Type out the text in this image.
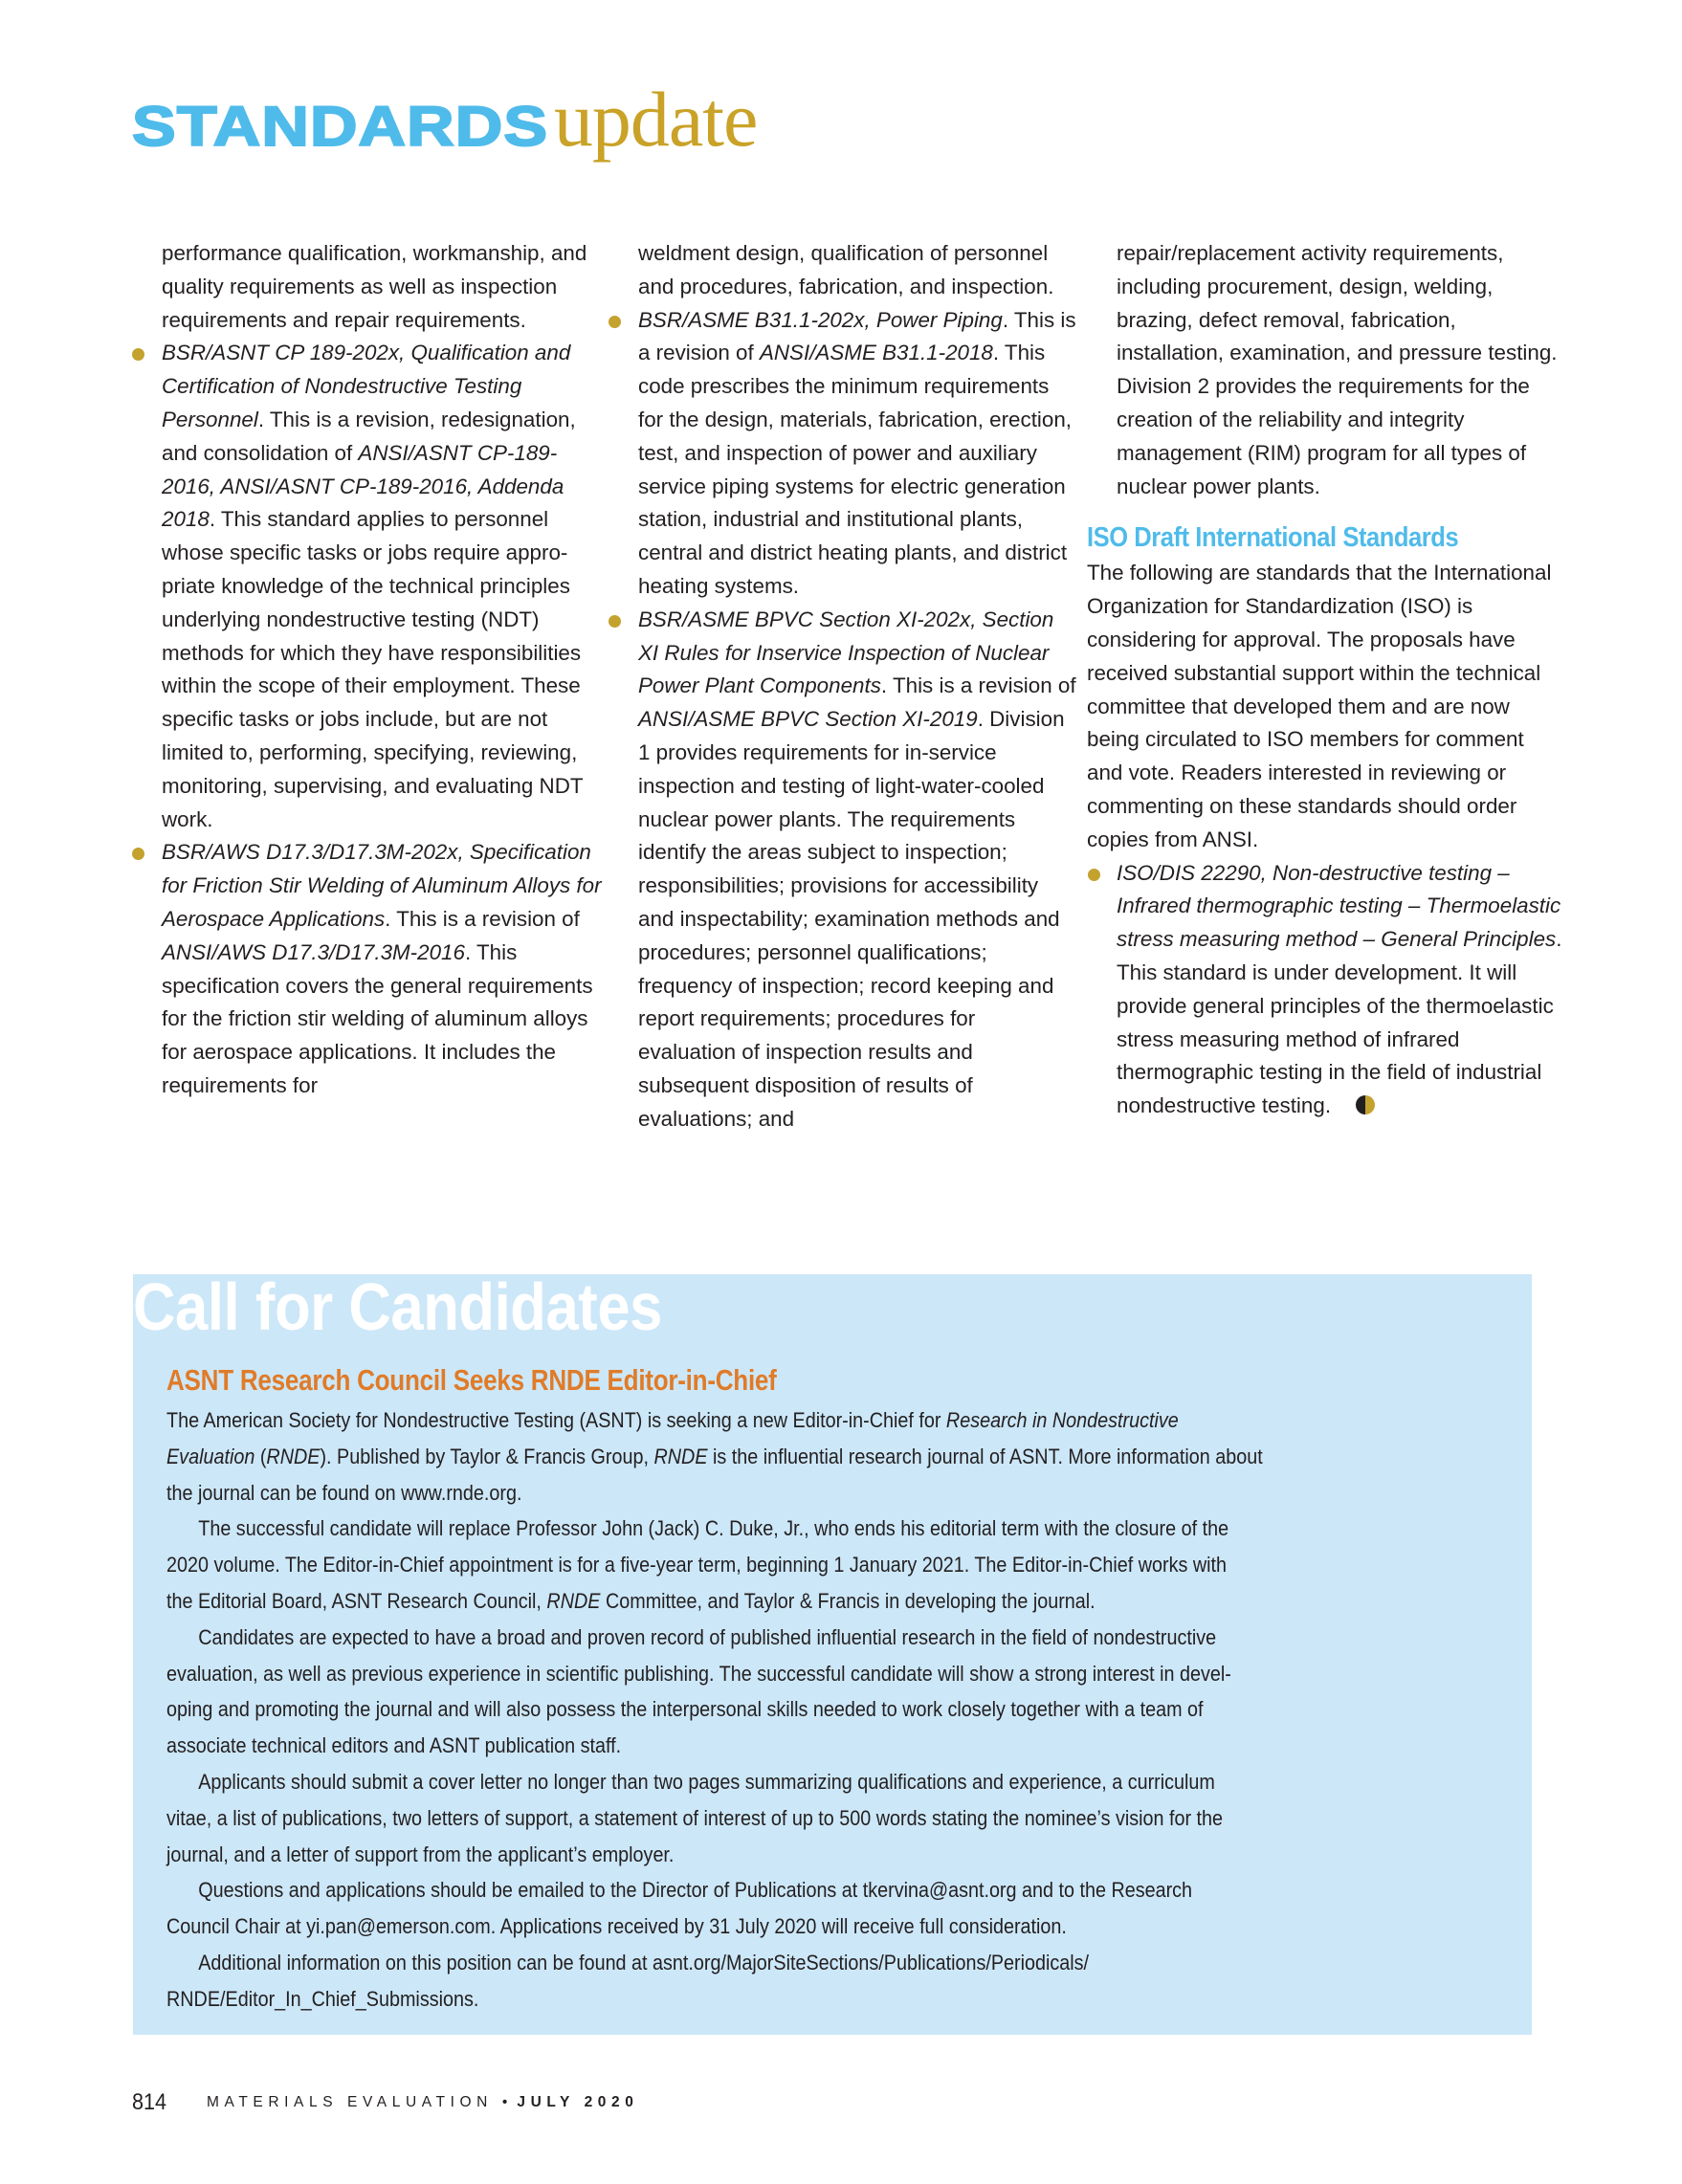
STANDARDSupdate

performance qualification, workmanship, and quality requirements as well as inspection requirements and repair requirements.

BSR/ASNT CP 189-202x, Qualification and Certification of Nondestructive Testing Personnel. This is a revision, redesignation, and consolidation of ANSI/ASNT CP-189-2016, ANSI/ASNT CP-189-2016, Addenda 2018. This standard applies to personnel whose specific tasks or jobs require appropriate knowledge of the technical principles underlying nondestructive testing (NDT) methods for which they have responsibilities within the scope of their employment. These specific tasks or jobs include, but are not limited to, performing, specifying, reviewing, monitoring, supervising, and evaluating NDT work.

BSR/AWS D17.3/D17.3M-202x, Specification for Friction Stir Welding of Aluminum Alloys for Aerospace Applications. This is a revision of ANSI/AWS D17.3/D17.3M-2016. This specification covers the general requirements for the friction stir welding of aluminum alloys for aerospace applications. It includes the requirements for

weldment design, qualification of personnel and procedures, fabrication, and inspection.

BSR/ASME B31.1-202x, Power Piping. This is a revision of ANSI/ASME B31.1-2018. This code prescribes the minimum requirements for the design, materials, fabrication, erection, test, and inspection of power and auxiliary service piping systems for electric generation station, industrial and institutional plants, central and district heating plants, and district heating systems.

BSR/ASME BPVC Section XI-202x, Section XI Rules for Inservice Inspection of Nuclear Power Plant Components. This is a revision of ANSI/ASME BPVC Section XI-2019. Division 1 provides requirements for in-service inspection and testing of light-water-cooled nuclear power plants. The requirements identify the areas subject to inspection; responsibilities; provisions for accessibility and inspectability; examination methods and procedures; personnel qualifications; frequency of inspection; record keeping and report requirements; procedures for evaluation of inspection results and subsequent disposition of results of evaluations; and

repair/replacement activity requirements, including procurement, design, welding, brazing, defect removal, fabrication, installation, examination, and pressure testing. Division 2 provides the requirements for the creation of the reliability and integrity management (RIM) program for all types of nuclear power plants.

ISO Draft International Standards

The following are standards that the International Organization for Standardization (ISO) is considering for approval. The proposals have received substantial support within the technical committee that developed them and are now being circulated to ISO members for comment and vote. Readers interested in reviewing or commenting on these standards should order copies from ANSI.

ISO/DIS 22290, Non-destructive testing – Infrared thermographic testing – Thermoelastic stress measuring method – General Principles. This standard is under development. It will provide general principles of the thermoelastic stress measuring method of infrared thermographic testing in the field of industrial nondestructive testing.

Call for Candidates
ASNT Research Council Seeks RNDE Editor-in-Chief

The American Society for Nondestructive Testing (ASNT) is seeking a new Editor-in-Chief for Research in Nondestructive

Evaluation (RNDE). Published by Taylor & Francis Group, RNDE is the influential research journal of ASNT. More information about

the journal can be found on www.rnde.org.

The successful candidate will replace Professor John (Jack) C. Duke, Jr., who ends his editorial term with the closure of the

2020 volume. The Editor-in-Chief appointment is for a five-year term, beginning 1 January 2021. The Editor-in-Chief works with

the Editorial Board, ASNT Research Council, RNDE Committee, and Taylor & Francis in developing the journal.

Candidates are expected to have a broad and proven record of published influential research in the field of nondestructive

evaluation, as well as previous experience in scientific publishing. The successful candidate will show a strong interest in devel-

oping and promoting the journal and will also possess the interpersonal skills needed to work closely together with a team of

associate technical editors and ASNT publication staff.

Applicants should submit a cover letter no longer than two pages summarizing qualifications and experience, a curriculum

vitae, a list of publications, two letters of support, a statement of interest of up to 500 words stating the nominee’s vision for the

journal, and a letter of support from the applicant’s employer.

Questions and applications should be emailed to the Director of Publications at tkervina@asnt.org and to the Research

Council Chair at yi.pan@emerson.com. Applications received by 31 July 2020 will receive full consideration.

Additional information on this position can be found at asnt.org/MajorSiteSections/Publications/Periodicals/

RNDE/Editor_In_Chief_Submissions.

814	MATERIALS EVALUATION • JULY 2020
